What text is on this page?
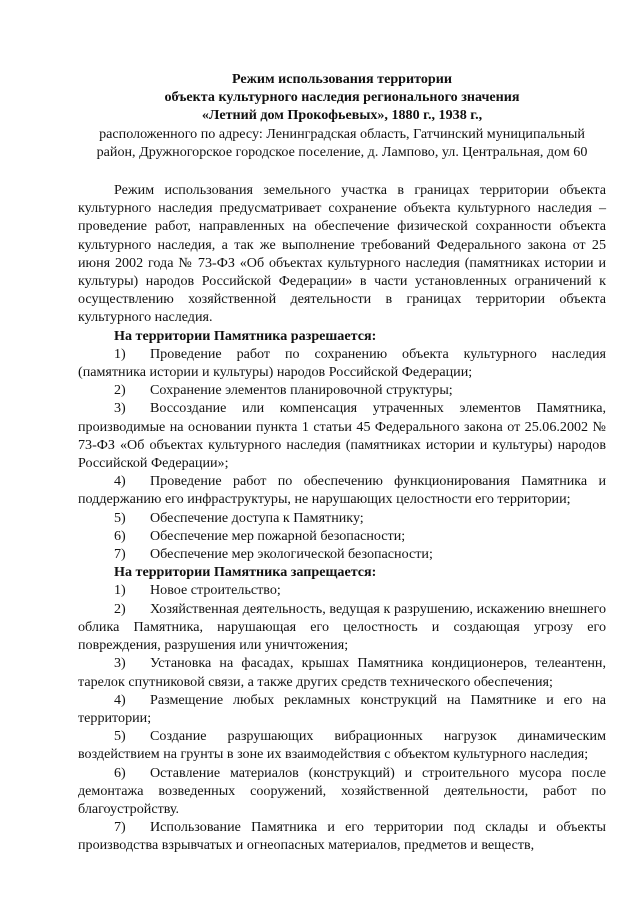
Режим использования территории
объекта культурного наследия регионального значения
«Летний дом Прокофьевых», 1880 г., 1938 г.,
расположенного по адресу: Ленинградская область, Гатчинский муниципальный
район, Дружногорское городское поселение, д. Лампово, ул. Центральная, дом 60

Режим использования земельного участка в границах территории объекта культурного наследия предусматривает сохранение объекта культурного наследия – проведение работ, направленных на обеспечение физической сохранности объекта культурного наследия, а так же выполнение требований Федерального закона от 25 июня 2002 года № 73-ФЗ «Об объектах культурного наследия (памятниках истории и культуры) народов Российской Федерации» в части установленных ограничений к осуществлению хозяйственной деятельности в границах территории объекта культурного наследия.

На территории Памятника разрешается:

1) Проведение работ по сохранению объекта культурного наследия (памятника истории и культуры) народов Российской Федерации;

2) Сохранение элементов планировочной структуры;

3) Воссоздание или компенсация утраченных элементов Памятника, производимые на основании пункта 1 статьи 45 Федерального закона от 25.06.2002 № 73-ФЗ «Об объектах культурного наследия (памятниках истории и культуры) народов Российской Федерации»;

4) Проведение работ по обеспечению функционирования Памятника и поддержанию его инфраструктуры, не нарушающих целостности его территории;

5) Обеспечение доступа к Памятнику;

6) Обеспечение мер пожарной безопасности;

7) Обеспечение мер экологической безопасности;

На территории Памятника запрещается:

1) Новое строительство;

2) Хозяйственная деятельность, ведущая к разрушению, искажению внешнего облика Памятника, нарушающая его целостность и создающая угрозу его повреждения, разрушения или уничтожения;

3) Установка на фасадах, крышах Памятника кондиционеров, телеантенн, тарелок спутниковой связи, а также других средств технического обеспечения;

4) Размещение любых рекламных конструкций на Памятнике и его на территории;

5) Создание разрушающих вибрационных нагрузок динамическим воздействием на грунты в зоне их взаимодействия с объектом культурного наследия;

6) Оставление материалов (конструкций) и строительного мусора после демонтажа возведенных сооружений, хозяйственной деятельности, работ по благоустройству.

7) Использование Памятника и его территории под склады и объекты производства взрывчатых и огнеопасных материалов, предметов и веществ,
